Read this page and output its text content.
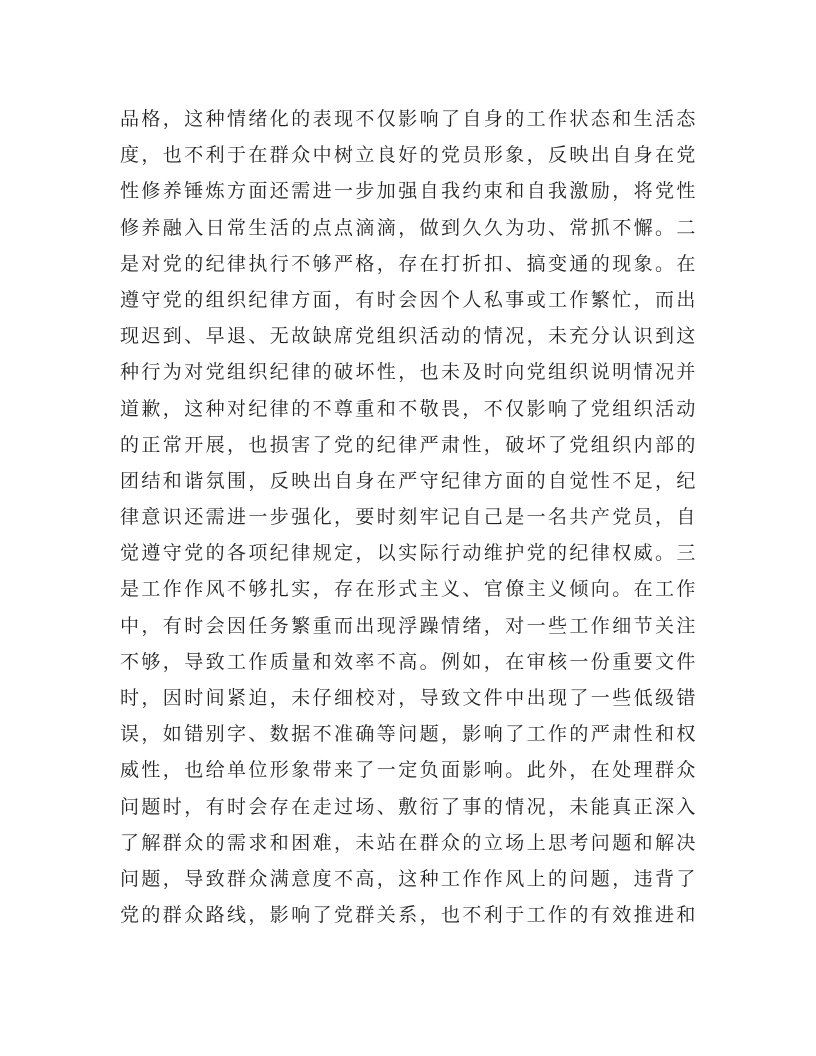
品格，这种情绪化的表现不仅影响了自身的工作状态和生活态
度，也不利于在群众中树立良好的党员形象，反映出自身在党
性修养锤炼方面还需进一步加强自我约束和自我激励，将党性
修养融入日常生活的点点滴滴，做到久久为功、常抓不懈。二
是对党的纪律执行不够严格，存在打折扣、搞变通的现象。在
遵守党的组织纪律方面，有时会因个人私事或工作繁忙，而出
现迟到、早退、无故缺席党组织活动的情况，未充分认识到这
种行为对党组织纪律的破坏性，也未及时向党组织说明情况并
道歉，这种对纪律的不尊重和不敬畏，不仅影响了党组织活动
的正常开展，也损害了党的纪律严肃性，破坏了党组织内部的
团结和谐氛围，反映出自身在严守纪律方面的自觉性不足，纪
律意识还需进一步强化，要时刻牢记自己是一名共产党员，自
觉遵守党的各项纪律规定，以实际行动维护党的纪律权威。三
是工作作风不够扎实，存在形式主义、官僚主义倾向。在工作
中，有时会因任务繁重而出现浮躁情绪，对一些工作细节关注
不够，导致工作质量和效率不高。例如，在审核一份重要文件
时，因时间紧迫，未仔细校对，导致文件中出现了一些低级错
误，如错别字、数据不准确等问题，影响了工作的严肃性和权
威性，也给单位形象带来了一定负面影响。此外，在处理群众
问题时，有时会存在走过场、敷衍了事的情况，未能真正深入
了解群众的需求和困难，未站在群众的立场上思考问题和解决
问题，导致群众满意度不高，这种工作作风上的问题，违背了
党的群众路线，影响了党群关系，也不利于工作的有效推进和
